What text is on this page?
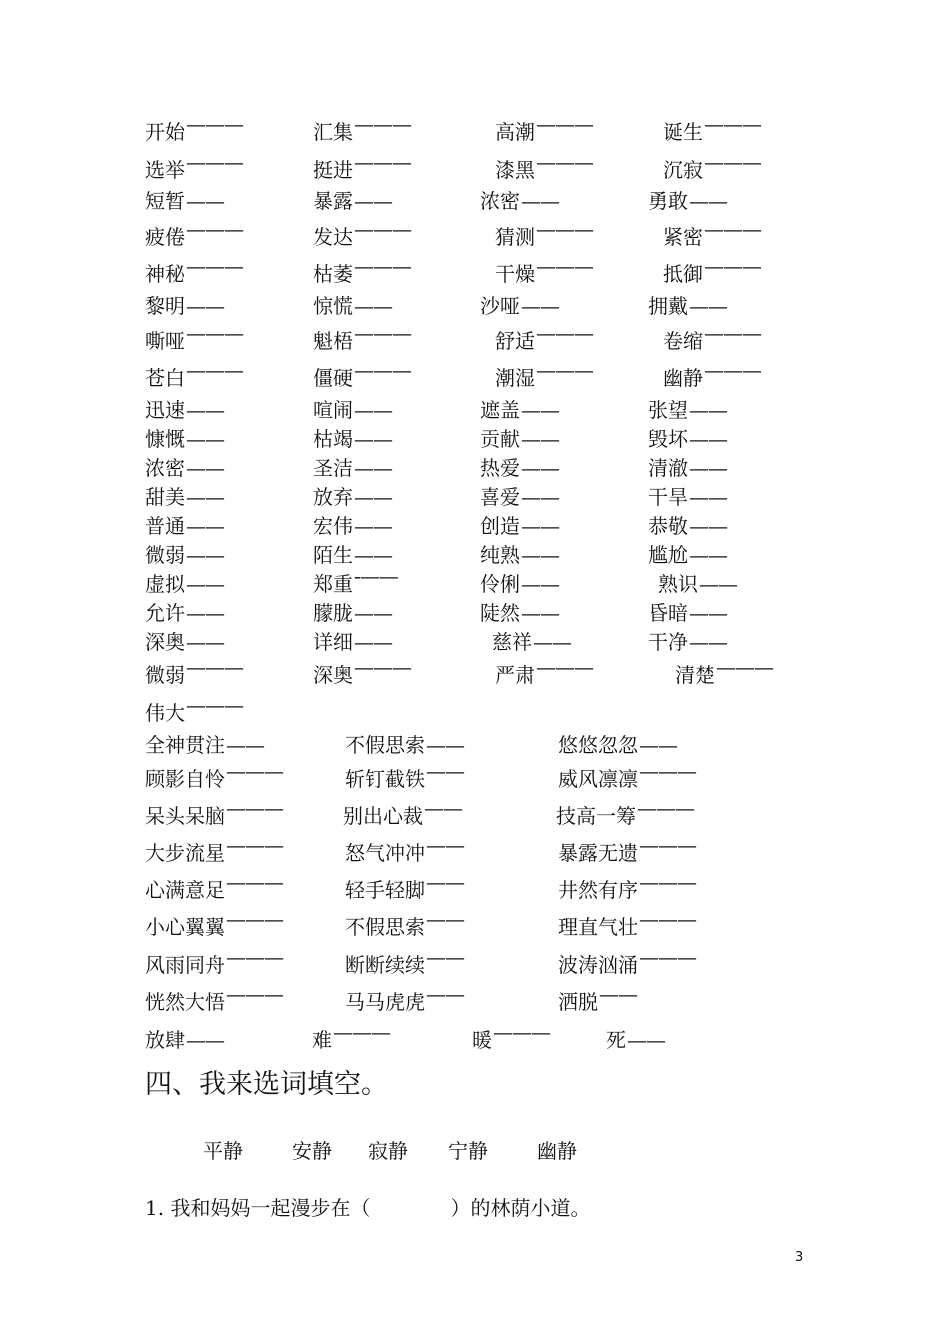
开始———	汇集———	高潮———	诞生———
选举———	挺进———	漆黑———	沉寂———
短暂——	暴露——	浓密——	勇敢——
疲倦———	发达———	猜测———	紧密———
神秘———	枯萎———	干燥———	抵御———
黎明——	惊慌——	沙哑——	拥戴——
嘶哑———	魁梧———	舒适———	卷缩———
苍白———	僵硬———	潮湿———	幽静———
迅速——	喧闹——	遮盖——	张望——
慷慨——	枯竭——	贡献——	毁坏——
浓密——	圣洁——	热爱——	清澈——
甜美——	放弃——	喜爱——	干旱——
普通——	宏伟——	创造——	恭敬——
微弱——	陌生——	纯熟——	尴尬——
虚拟——	郑重-——	伶俐——	熟识——
允许——	朦胧——	陡然——	昏暗——
深奥——	详细——	慈祥——	干净——
微弱———	深奥———	严肃———	清楚———
伟大———
全神贯注——	不假思索——	悠悠忽忽——
顾影自怜———	斩钉截铁——	威风凛凛———
呆头呆脑———	别出心裁——	技高一筹———
大步流星———	怒气冲冲——	暴露无遗———
心满意足———	轻手轻脚——	井然有序———
小心翼翼———	不假思索——	理直气壮———
风雨同舟———	断断续续——	波涛汹涌———
恍然大悟———	马马虎虎——	洒脱——
放肆——	难———	暖———	死——
四、我来选词填空。
平静 安静 寂静 宁静 幽静
1. 我和妈妈一起漫步在（　　　　）的林荫小道。
3
